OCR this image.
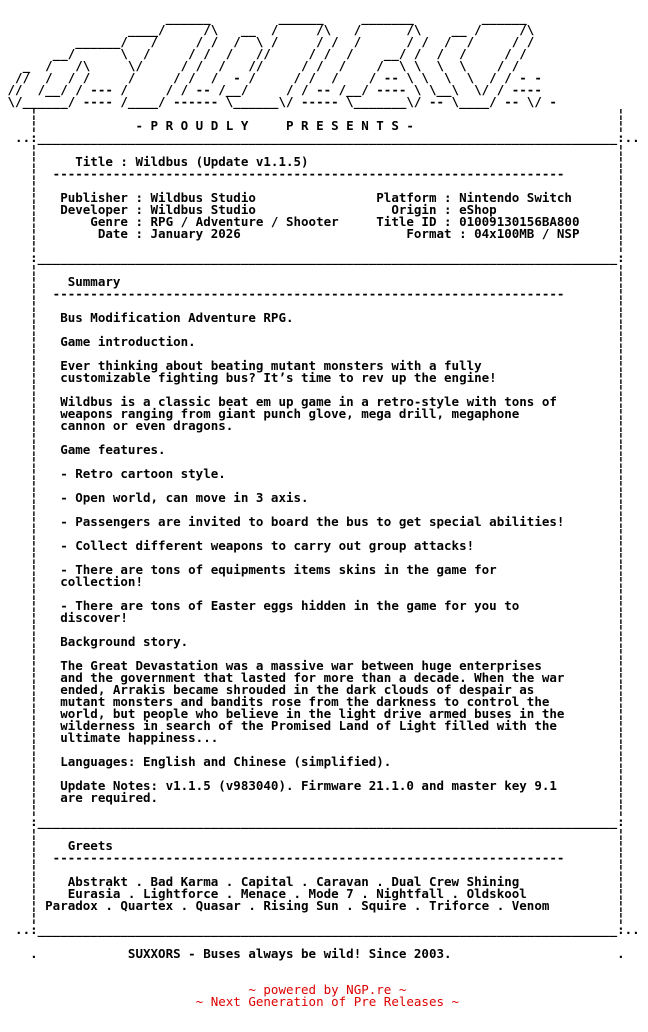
______         ______     _______         ______
____/     /\   __  /     /\   /      /\    __ /     /\
______/   /     / /  /  \ /     / /  /      / /  /  /     / /
__/      \  /     / /  /   //     / /  /    __/ /  /  /     / /
_  /   /\     \/     / /  /   //     / /  /    /  \ \  \  \    / /
//  /  / /     /     / /  /  - /     / /  /    / -- \ \  \  \  / / - -
//  /__/ / --- /     / / -- /__/     / / -- /__/ ---- \ \__\  \/ / ----
\/______/ ---- /____/ ------ \______\/ ----- \_______\/ -- \____/ -- \/ -
¦                                                                             ¦
¦             - P R O U D L Y     P R E S E N T S -                           ¦
..:_____________________________________________________________________________:..
¦                                                                             ¦
¦     Title : Wildbus (Update v1.1.5)                                         ¦
¦  --------------------------------------------------------------------       ¦
¦                                                                             ¦
¦   Publisher : Wildbus Studio                Platform : Nintendo Switch      ¦
¦   Developer : Wildbus Studio                  Origin : eShop                ¦
¦       Genre : RPG / Adventure / Shooter     Title ID : 01009130156BA800     ¦
¦        Date : January 2026                      Format : 04x100MB / NSP     ¦
¦                                                                             ¦
:_____________________________________________________________________________:
¦                                                                             ¦
¦    Summary                                                                  ¦
¦  --------------------------------------------------------------------       ¦
¦                                                                             ¦
¦   Bus Modification Adventure RPG.                                           ¦
¦                                                                             ¦
¦   Game introduction.                                                        ¦
¦                                                                             ¦
¦   Ever thinking about beating mutant monsters with a fully                  ¦
¦   customizable fighting bus? It’s time to rev up the engine!                ¦
¦                                                                             ¦
¦   Wildbus is a classic beat em up game in a retro-style with tons of        ¦
¦   weapons ranging from giant punch glove, mega drill, megaphone             ¦
¦   cannon or even dragons.                                                   ¦
¦                                                                             ¦
¦   Game features.                                                            ¦
¦                                                                             ¦
¦   - Retro cartoon style.                                                    ¦
¦                                                                             ¦
¦   - Open world, can move in 3 axis.                                         ¦
¦                                                                             ¦
¦   - Passengers are invited to board the bus to get special abilities!       ¦
¦                                                                             ¦
¦   - Collect different weapons to carry out group attacks!                   ¦
¦                                                                             ¦
¦   - There are tons of equipments items skins in the game for                ¦
¦   collection!                                                               ¦
¦                                                                             ¦
¦   - There are tons of Easter eggs hidden in the game for you to             ¦
¦   discover!                                                                 ¦
¦                                                                             ¦
¦   Background story.                                                         ¦
¦                                                                             ¦
¦   The Great Devastation was a massive war between huge enterprises          ¦
¦   and the government that lasted for more than a decade. When the war       ¦
¦   ended, Arrakis became shrouded in the dark clouds of despair as           ¦
¦   mutant monsters and bandits rose from the darkness to control the         ¦
¦   world, but people who believe in the light drive armed buses in the       ¦
¦   wilderness in search of the Promised Land of Light filled with the        ¦
¦   ultimate happiness...                                                     ¦
¦                                                                             ¦
¦   Languages: English and Chinese (simplified).                              ¦
¦                                                                             ¦
¦   Update Notes: v1.1.5 (v983040). Firmware 21.1.0 and master key 9.1        ¦
¦   are required.                                                             ¦
¦                                                                             ¦
:_____________________________________________________________________________:
¦                                                                             ¦
¦    Greets                                                                   ¦
¦  --------------------------------------------------------------------       ¦
¦                                                                             ¦
¦    Abstrakt . Bad Karma . Capital . Caravan . Dual Crew Shining             ¦
¦    Eurasia . Lightforce . Menace . Mode 7 . Nightfall . Oldskool            ¦
¦ Paradox . Quartex . Quasar . Rising Sun . Squire . Triforce . Venom         ¦
¦                                                                             ¦
..:_____________________________________________________________________________:..
.            SUXXORS - Buses always be wild! Since 2003.                      .
~ powered by NGP.re ~
~ Next Generation of Pre Releases ~
